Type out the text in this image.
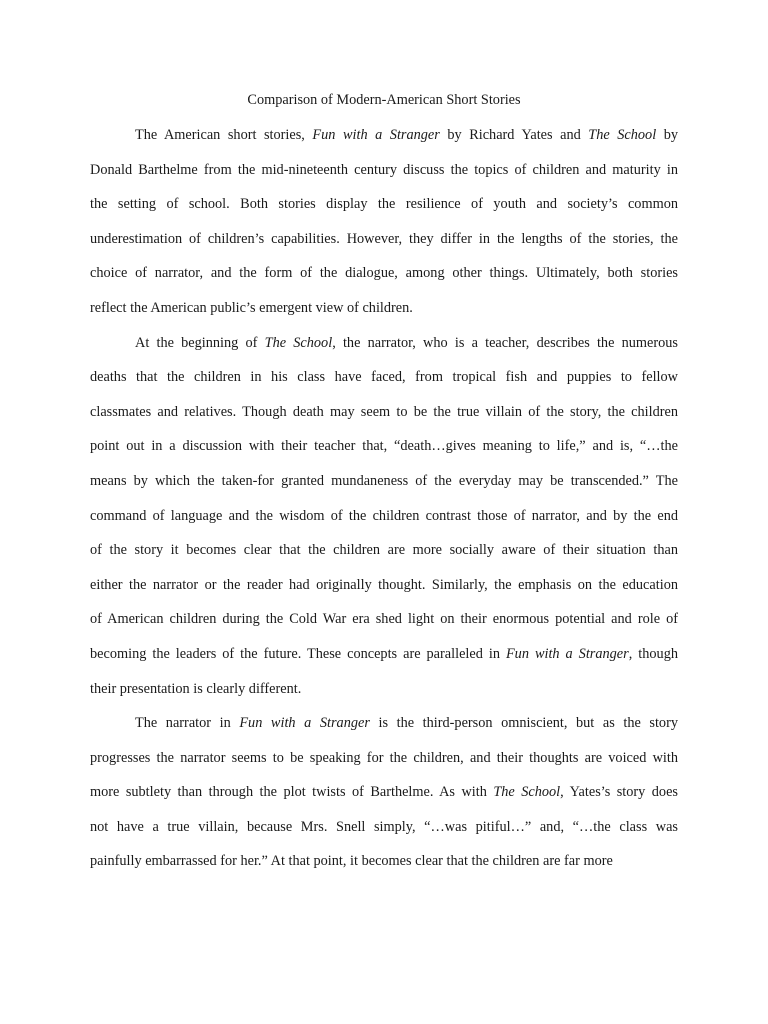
Comparison of Modern-American Short Stories
The American short stories, Fun with a Stranger by Richard Yates and The School by
Donald Barthelme from the mid-nineteenth century discuss the topics of children and maturity in
the setting of school. Both stories display the resilience of youth and society’s common
underestimation of children’s capabilities. However, they differ in the lengths of the stories, the
choice of narrator, and the form of the dialogue, among other things. Ultimately, both stories
reflect the American public’s emergent view of children.
At the beginning of The School, the narrator, who is a teacher, describes the numerous
deaths that the children in his class have faced, from tropical fish and puppies to fellow
classmates and relatives. Though death may seem to be the true villain of the story, the children
point out in a discussion with their teacher that, “death…gives meaning to life,” and is, “…the
means by which the taken-for granted mundaneness of the everyday may be transcended.” The
command of language and the wisdom of the children contrast those of narrator, and by the end
of the story it becomes clear that the children are more socially aware of their situation than
either the narrator or the reader had originally thought. Similarly, the emphasis on the education
of American children during the Cold War era shed light on their enormous potential and role of
becoming the leaders of the future. These concepts are paralleled in Fun with a Stranger, though
their presentation is clearly different.
The narrator in Fun with a Stranger is the third-person omniscient, but as the story
progresses the narrator seems to be speaking for the children, and their thoughts are voiced with
more subtlety than through the plot twists of Barthelme. As with The School, Yates’s story does
not have a true villain, because Mrs. Snell simply, “…was pitiful…” and, “…the class was
painfully embarrassed for her.” At that point, it becomes clear that the children are far more
